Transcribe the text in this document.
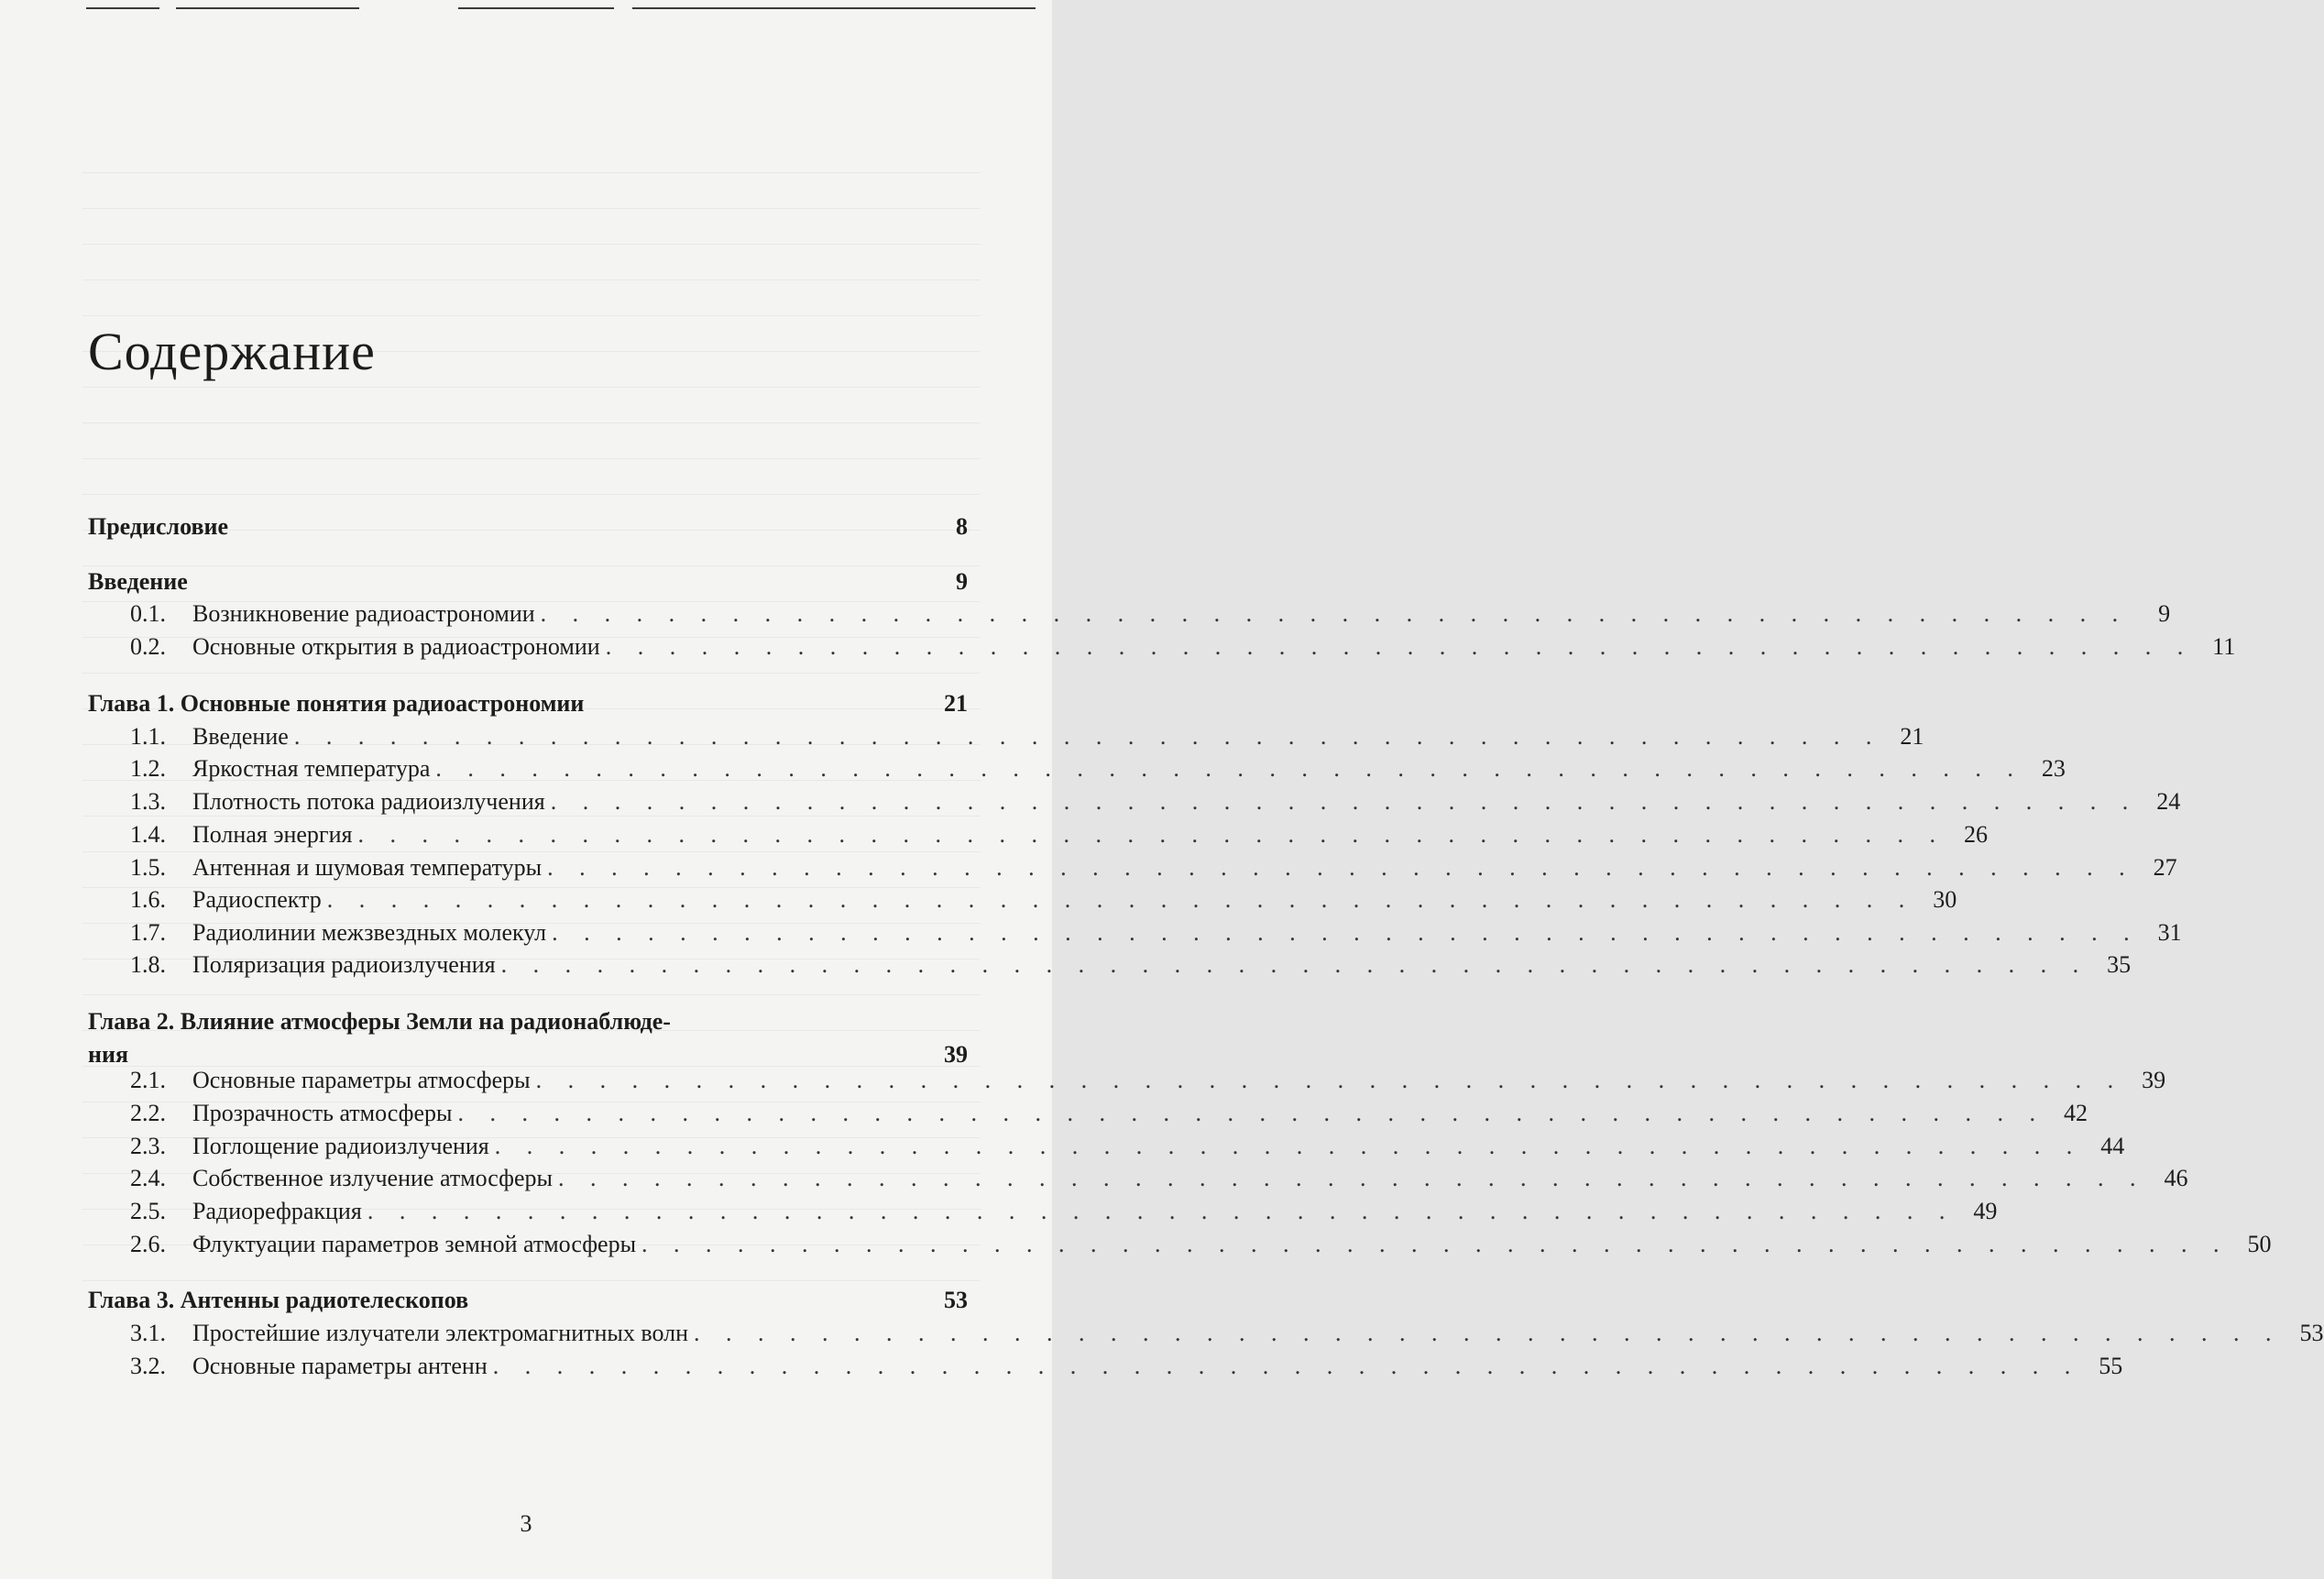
Содержание
Предисловие	8
Введение	9
0.1.	Возникновение радиоастрономии . . . . . . . . . . . . . . . . . . . . . . . . . . . . . . . . . . . . . . . . . . . . . . . . . .	9
0.2.	Основные открытия в радиоастрономии . . . . . . . . . . . . . . . . . . . . . . . . . . . . . . . . . . . . . . . . . . . . . . . . . . 11
Глава 1. Основные понятия радиоастрономии	21
1.1.	Введение . . . . . . . . . . . . . . . . . . . . . . . . . . . . . . . . . . . . . . . . . . . . . . . . . . 21
1.2.	Яркостная температура . . . . . . . . . . . . . . . . . . . . . . . . . . . . . . . . . . . . . . . . . . . . . . . . . . 23
1.3.	Плотность потока радиоизлучения . . . . . . . . . . . . . . . . . . . . . . . . . . . . . . . . . . . . . . . . . . . . . . . . . . 24
1.4.	Полная энергия . . . . . . . . . . . . . . . . . . . . . . . . . . . . . . . . . . . . . . . . . . . . . . . . . . 26
1.5.	Антенная и шумовая температуры . . . . . . . . . . . . . . . . . . . . . . . . . . . . . . . . . . . . . . . . . . . . . . . . . . 27
1.6.	Радиоспектр . . . . . . . . . . . . . . . . . . . . . . . . . . . . . . . . . . . . . . . . . . . . . . . . . . 30
1.7.	Радиолинии межзвездных молекул . . . . . . . . . . . . . . . . . . . . . . . . . . . . . . . . . . . . . . . . . . . . . . . . . . 31
1.8.	Поляризация радиоизлучения . . . . . . . . . . . . . . . . . . . . . . . . . . . . . . . . . . . . . . . . . . . . . . . . . . 35
Глава 2. Влияние атмосферы Земли на радионаблюде-
ния	39
2.1.	Основные параметры атмосферы . . . . . . . . . . . . . . . . . . . . . . . . . . . . . . . . . . . . . . . . . . . . . . . . . . 39
2.2.	Прозрачность атмосферы . . . . . . . . . . . . . . . . . . . . . . . . . . . . . . . . . . . . . . . . . . . . . . . . . . 42
2.3.	Поглощение радиоизлучения . . . . . . . . . . . . . . . . . . . . . . . . . . . . . . . . . . . . . . . . . . . . . . . . . . 44
2.4.	Собственное излучение атмосферы . . . . . . . . . . . . . . . . . . . . . . . . . . . . . . . . . . . . . . . . . . . . . . . . . . 46
2.5.	Радиорефракция . . . . . . . . . . . . . . . . . . . . . . . . . . . . . . . . . . . . . . . . . . . . . . . . . . 49
2.6.	Флуктуации параметров земной атмосферы . . . . . . . . . . . . . . . . . . . . . . . . . . . . . . . . . . . . . . . . . . . . . . . . . . 50
Глава 3. Антенны радиотелескопов	53
3.1.	Простейшие излучатели электромагнитных волн . . . . . . . . . . . . . . . . . . . . . . . . . . . . . . . . . . . . . . . . . . . . . . . . . . 53
3.2.	Основные параметры антенн . . . . . . . . . . . . . . . . . . . . . . . . . . . . . . . . . . . . . . . . . . . . . . . . . . 55
3
